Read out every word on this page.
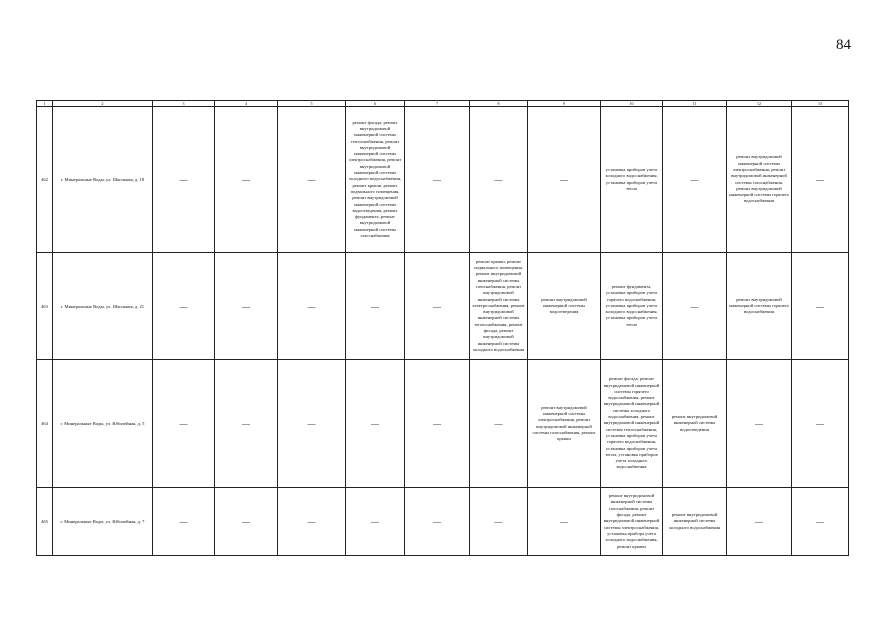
84
1	2	3	4	5	6	7	8	9	10	11	12	13
462	г. Минеральные Воды, ул. Школьная, д. 18	—	—	—	ремонт фасада, ремонт внутридомовой инженерной системы теплоснабжения, ремонт внутридомовой инженерной системы электроснабжения, ремонт внутридомовой инженерной системы холодного водоснабжения, ремонт крыши, ремонт подвального помещения, ремонт внутридомовой инженерной системы водоотведения, ремонт фундамента, ремонт внутридомовой инженерной системы газоснабжения	—	—	—	установка приборов учета холодного водоснабжения, установка приборов учета тепла	—	ремонт внутридомовой инженерной системы электроснабжения, ремонт внутридомовой инженерной системы газоснабжения, ремонт внутридомовой инженерной системы горячего водоснабжения	—
463	г. Минеральные Воды, ул. Школьная, д. 21	—	—	—	—	—	ремонт крыши, ремонт подвального помещения, ремонт внутридомовой инженерной системы газоснабжения, ремонт внутридомовой инженерной системы электроснабжения, ремонт внутридомовой инженерной системы теплоснабжения, ремонт фасада, ремонт внутридомовой инженерной системы холодного водоснабжения	ремонт внутридомовой инженерной системы водоотведения	ремонт фундамента, установка приборов учета горячего водоснабжения, установка приборов учета холодного водоснабжения, установка приборов учета тепла	—	ремонт внутридомовой инженерной системы горячего водоснабжения	—
464	г. Минеральные Воды, ул. Юбилейная, д. 5	—	—	—	—	—	—	ремонт внутридомовой инженерной системы электроснабжения, ремонт внутридомовой инженерной системы газоснабжения, ремонт крыши	ремонт фасада, ремонт внутридомовой инженерной системы горячего водоснабжения, ремонт внутридомовой инженерной системы холодного водоснабжения, ремонт внутридомовой инженерной системы теплоснабжения, установка приборов учета горячего водоснабжения, установка приборов учета тепла, установка приборов учета холодного водоснабжения	ремонт внутридомовой инженерной системы водоотведения	—	—
465	г. Минеральные Воды, ул. Юбилейная, д. 7	—	—	—	—	—	—	—	ремонт внутридомовой инженерной системы газоснабжения, ремонт фасада, ремонт внутридомовой инженерной системы электроснабжения, установка прибора учета холодного водоснабжения, ремонт крыши	ремонт внутридомовой инженерной системы холодного водоснабжения	—	—
